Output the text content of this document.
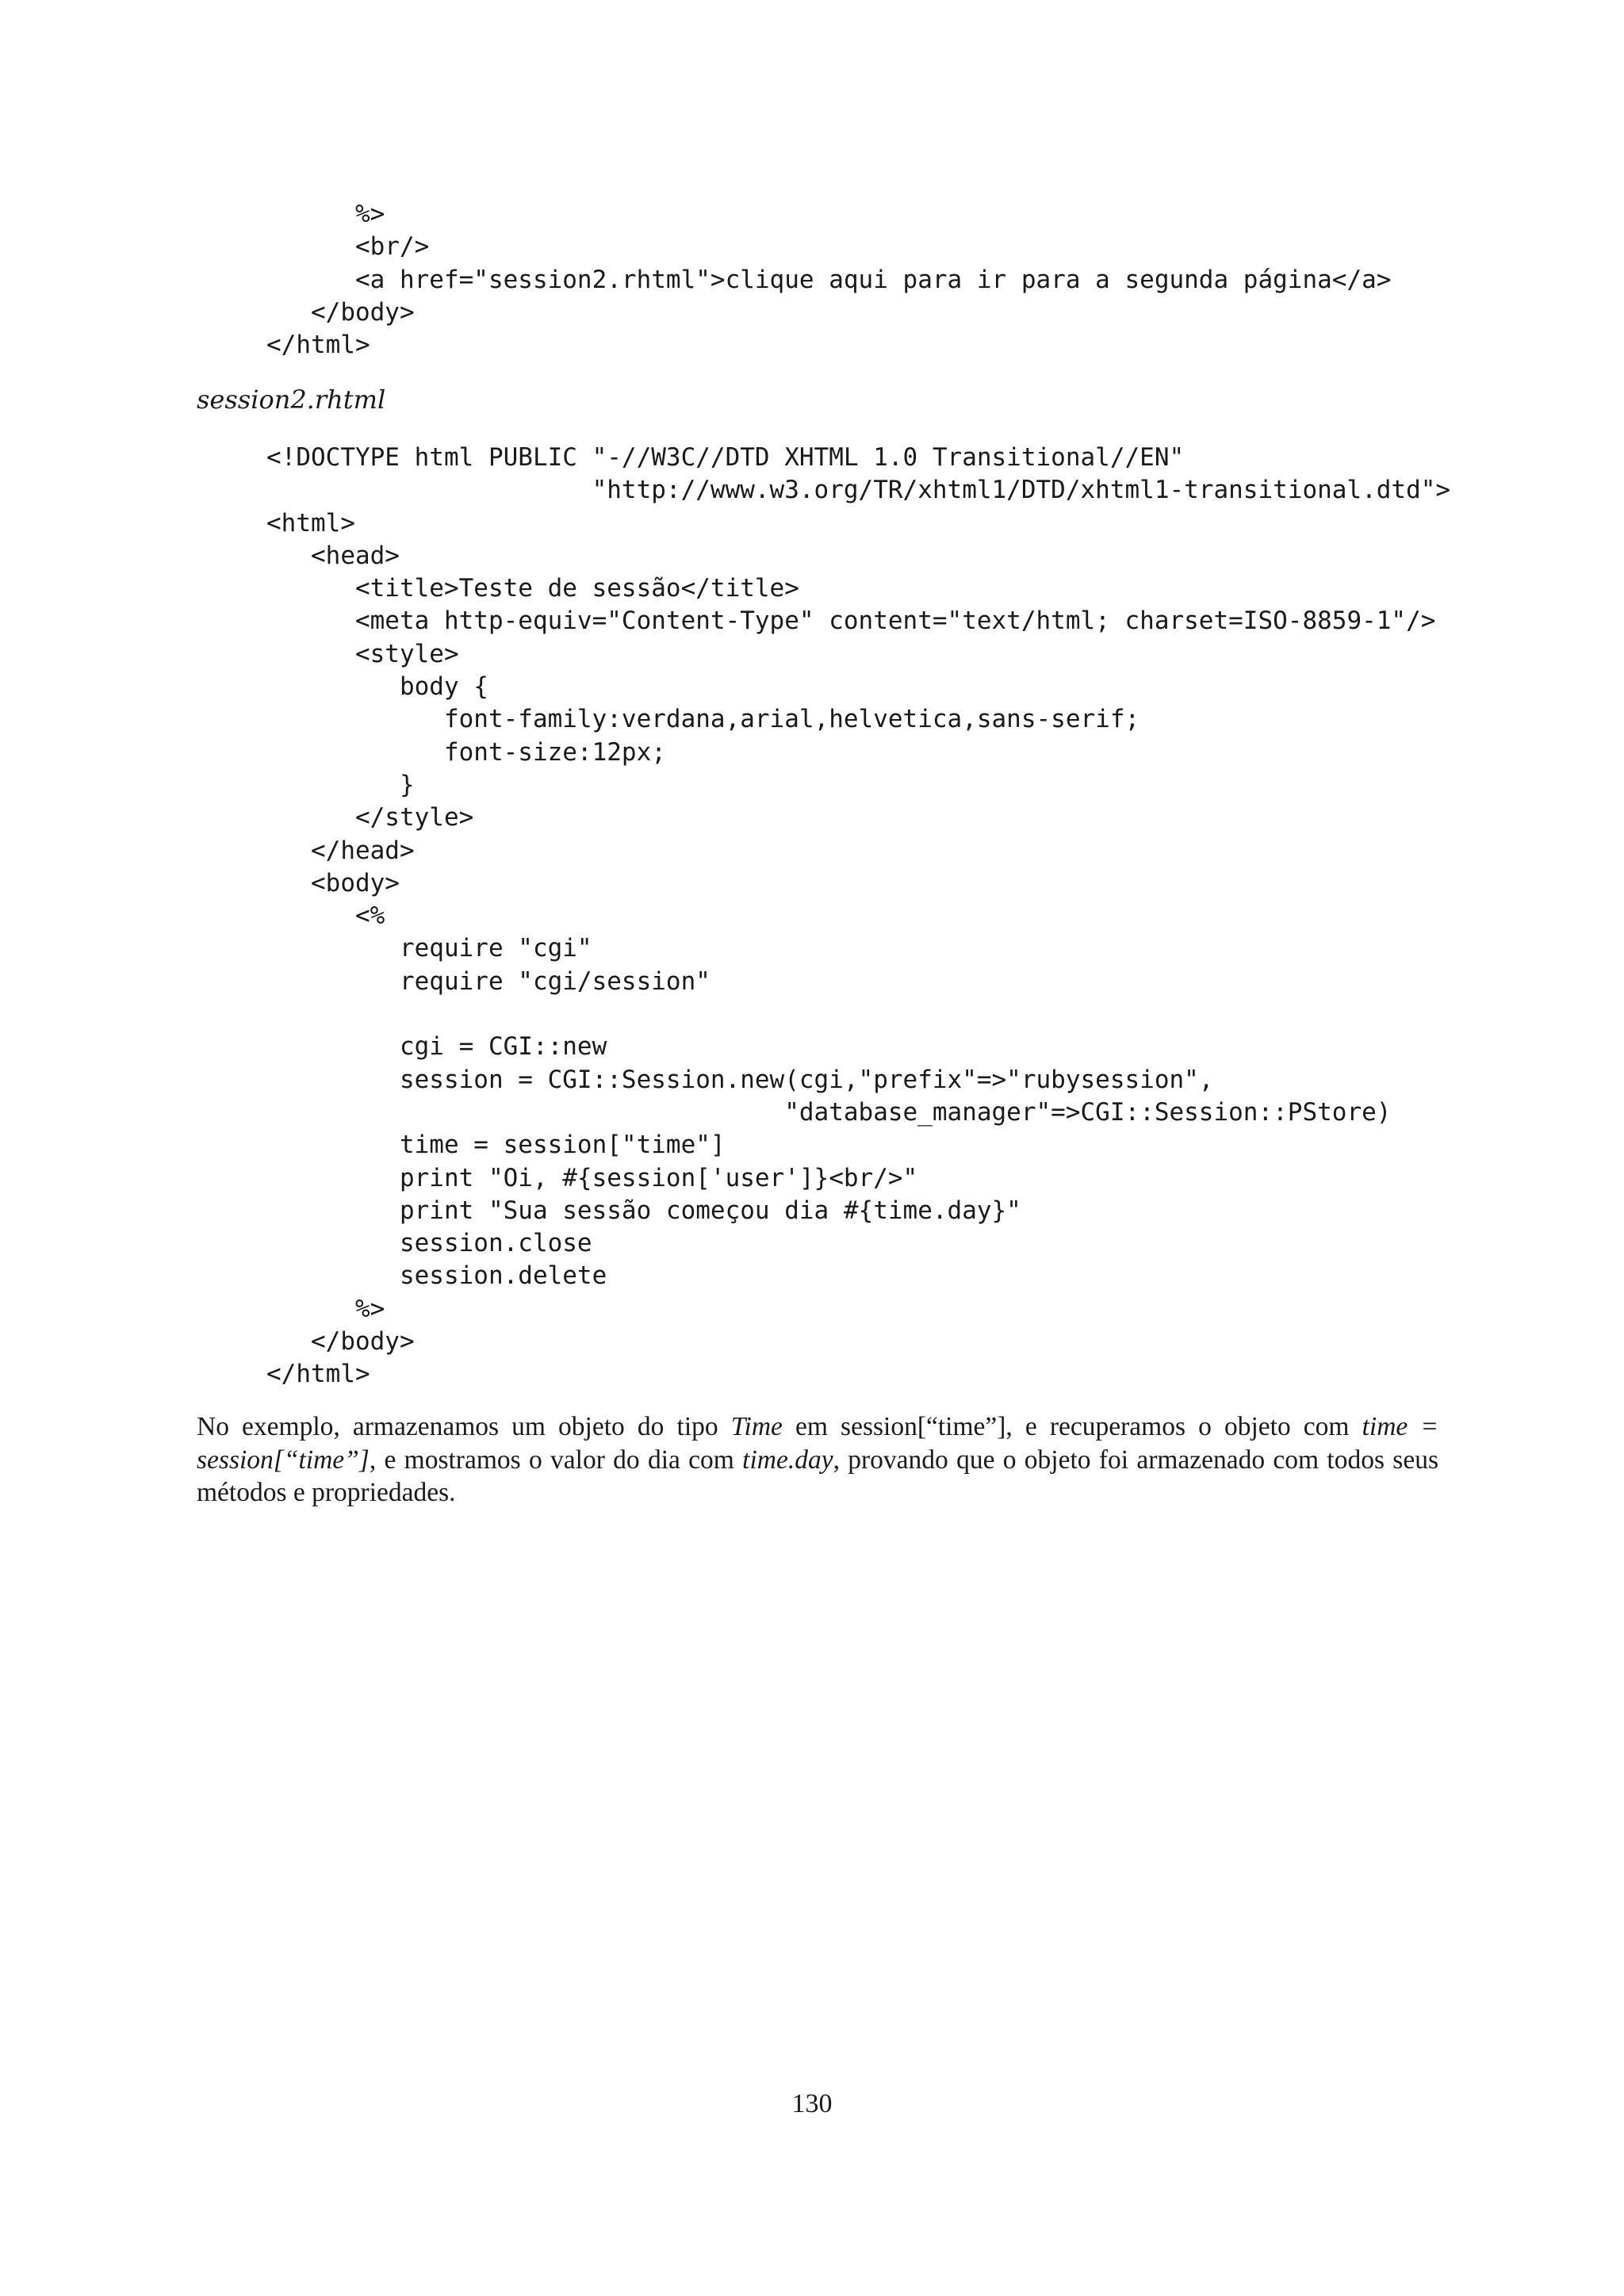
%>
<br/>
<a href="session2.rhtml">clique aqui para ir para a segunda página</a>
</body>
</html>

session2.rhtml

<!DOCTYPE html PUBLIC "-//W3C//DTD XHTML 1.0 Transitional//EN"
"http://www.w3.org/TR/xhtml1/DTD/xhtml1-transitional.dtd">
<html>
<head>
<title>Teste de sessão</title>
<meta http-equiv="Content-Type" content="text/html; charset=ISO-8859-1"/>
<style>
body {
font-family:verdana,arial,helvetica,sans-serif;
font-size:12px;
}
</style>
</head>
<body>
<%
require "cgi"
require "cgi/session"
cgi = CGI::new
session = CGI::Session.new(cgi,"prefix"=>"rubysession",
"database_manager"=>CGI::Session::PStore)
time = session["time"]
print "Oi, #{session['user']}<br/>"
print "Sua sessão começou dia #{time.day}"
session.close
session.delete
%>
</body>
</html>

No exemplo, armazenamos um objeto do tipo Time em session[“time”], e recuperamos o objeto com time = session[“time”], e mostramos o valor do dia com time.day, provando que o objeto foi armazenado com todos seus métodos e propriedades.

130
